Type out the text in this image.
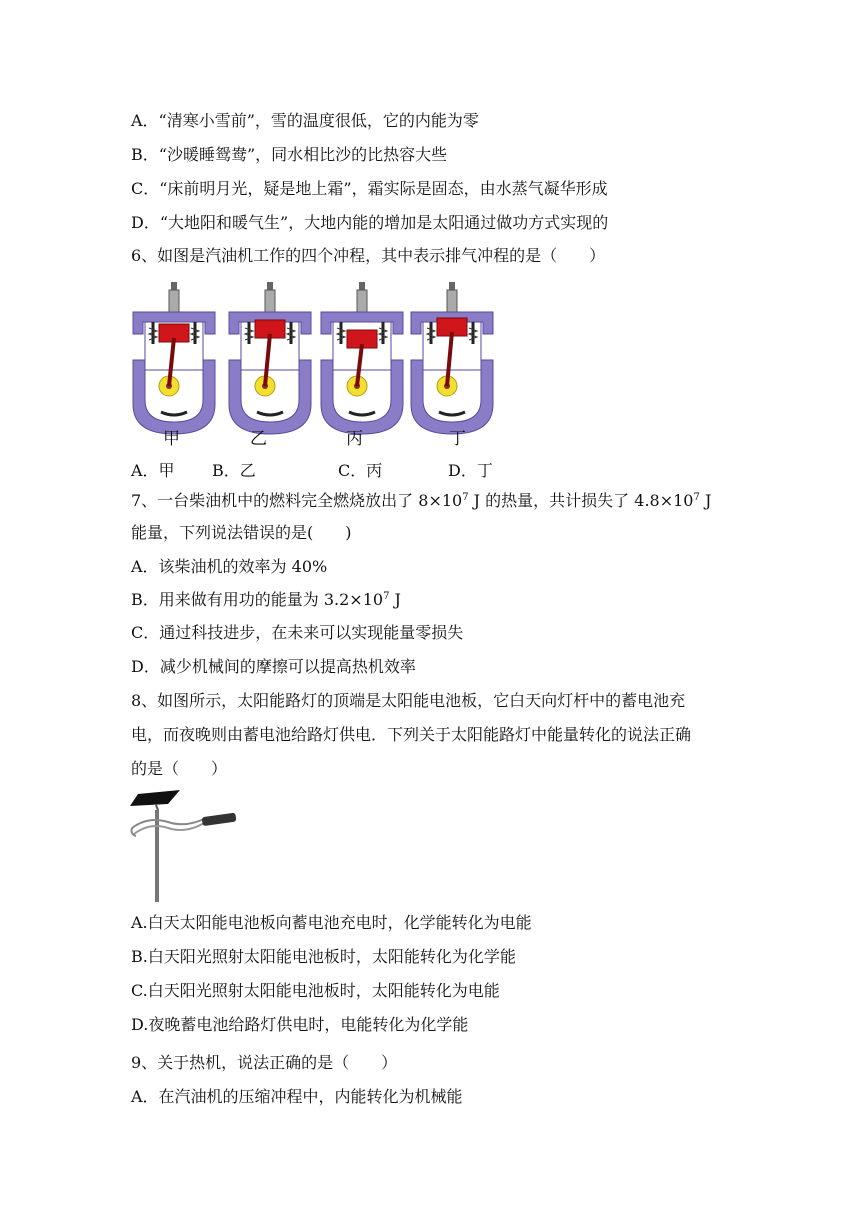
A．“清寒小雪前”，雪的温度很低，它的内能为零
B．“沙暖睡鸳鸯”，同水相比沙的比热容大些
C．“床前明月光，疑是地上霜”，霜实际是固态，由水蒸气凝华形成
D．“大地阳和暖气生”，大地内能的增加是太阳通过做功方式实现的
6、如图是汽油机工作的四个冲程，其中表示排气冲程的是（　　）
甲	乙	丙	丁
A．甲 B．乙	C．丙	D．丁
7、一台柴油机中的燃料完全燃烧放出了 $8\times 10^7$ J 的热量，共计损失了 $4.8\times 10^7$ J
能量，下列说法错误的是(　　)
A．该柴油机的效率为 40%
B．用来做有用功的能量为 $3.2\times 10^7$ J
C．通过科技进步，在未来可以实现能量零损失
D．减少机械间的摩擦可以提高热机效率
8、如图所示，太阳能路灯的顶端是太阳能电池板，它白天向灯杆中的蓄电池充
电，而夜晚则由蓄电池给路灯供电．下列关于太阳能路灯中能量转化的说法正确
的是（　　）
A.白天太阳能电池板向蓄电池充电时，化学能转化为电能
B.白天阳光照射太阳能电池板时，太阳能转化为化学能
C.白天阳光照射太阳能电池板时，太阳能转化为电能
D.夜晚蓄电池给路灯供电时，电能转化为化学能
9、关于热机，说法正确的是（　　）
A．在汽油机的压缩冲程中，内能转化为机械能
